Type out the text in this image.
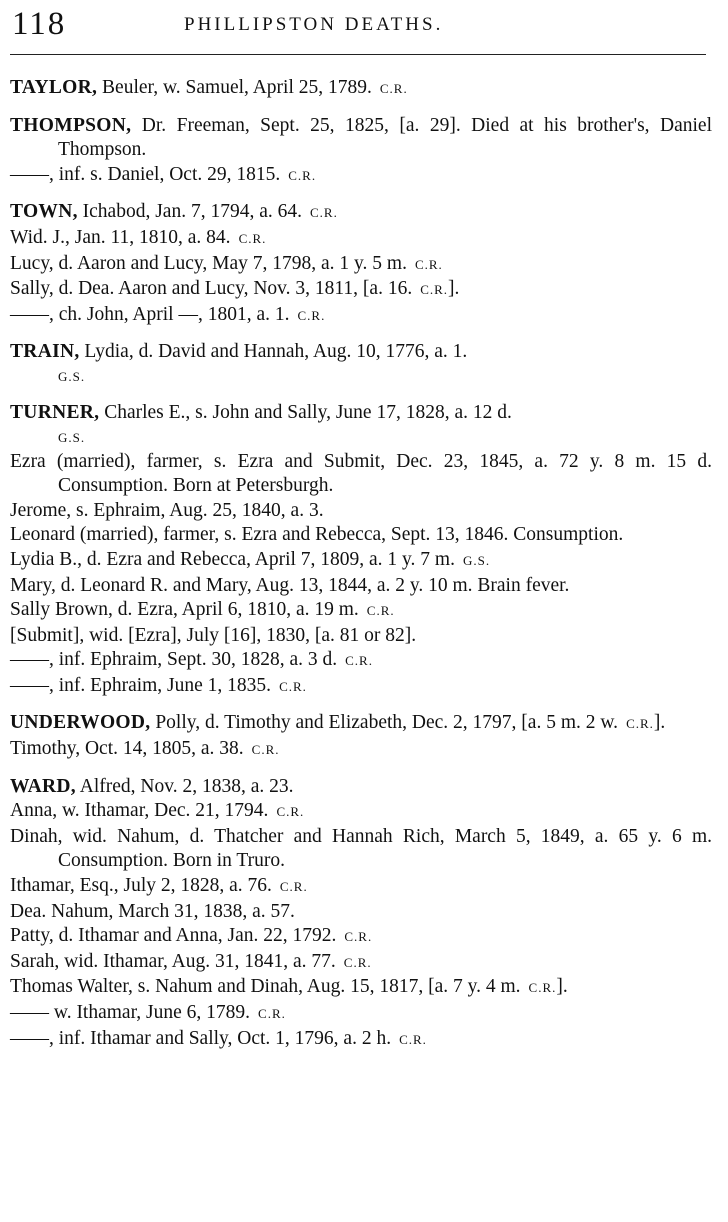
118	PHILLIPSTON DEATHS.
TAYLOR, Beuler, w. Samuel, April 25, 1789. C.R.
THOMPSON, Dr. Freeman, Sept. 25, 1825, [a. 29]. Died at his brother's, Daniel Thompson.
——, inf. s. Daniel, Oct. 29, 1815. C.R.
TOWN, Ichabod, Jan. 7, 1794, a. 64. C.R.
Wid. J., Jan. 11, 1810, a. 84. C.R.
Lucy, d. Aaron and Lucy, May 7, 1798, a. 1 y. 5 m. C.R.
Sally, d. Dea. Aaron and Lucy, Nov. 3, 1811, [a. 16. C.R.].
——, ch. John, April —, 1801, a. 1. C.R.
TRAIN, Lydia, d. David and Hannah, Aug. 10, 1776, a. 1.
G.S.
TURNER, Charles E., s. John and Sally, June 17, 1828, a. 12 d.
G.S.
Ezra (married), farmer, s. Ezra and Submit, Dec. 23, 1845, a. 72 y. 8 m. 15 d. Consumption. Born at Petersburgh.
Jerome, s. Ephraim, Aug. 25, 1840, a. 3.
Leonard (married), farmer, s. Ezra and Rebecca, Sept. 13, 1846. Consumption.
Lydia B., d. Ezra and Rebecca, April 7, 1809, a. 1 y. 7 m. G.S.
Mary, d. Leonard R. and Mary, Aug. 13, 1844, a. 2 y. 10 m. Brain fever.
Sally Brown, d. Ezra, April 6, 1810, a. 19 m. C.R.
[Submit], wid. [Ezra], July [16], 1830, [a. 81 or 82].
——, inf. Ephraim, Sept. 30, 1828, a. 3 d. C.R.
——, inf. Ephraim, June 1, 1835. C.R.
UNDERWOOD, Polly, d. Timothy and Elizabeth, Dec. 2, 1797, [a. 5 m. 2 w. C.R.].
Timothy, Oct. 14, 1805, a. 38. C.R.
WARD, Alfred, Nov. 2, 1838, a. 23.
Anna, w. Ithamar, Dec. 21, 1794. C.R.
Dinah, wid. Nahum, d. Thatcher and Hannah Rich, March 5, 1849, a. 65 y. 6 m. Consumption. Born in Truro.
Ithamar, Esq., July 2, 1828, a. 76. C.R.
Dea. Nahum, March 31, 1838, a. 57.
Patty, d. Ithamar and Anna, Jan. 22, 1792. C.R.
Sarah, wid. Ithamar, Aug. 31, 1841, a. 77. C.R.
Thomas Walter, s. Nahum and Dinah, Aug. 15, 1817, [a. 7 y. 4 m. C.R.].
—— w. Ithamar, June 6, 1789. C.R.
——, inf. Ithamar and Sally, Oct. 1, 1796, a. 2 h. C.R.
